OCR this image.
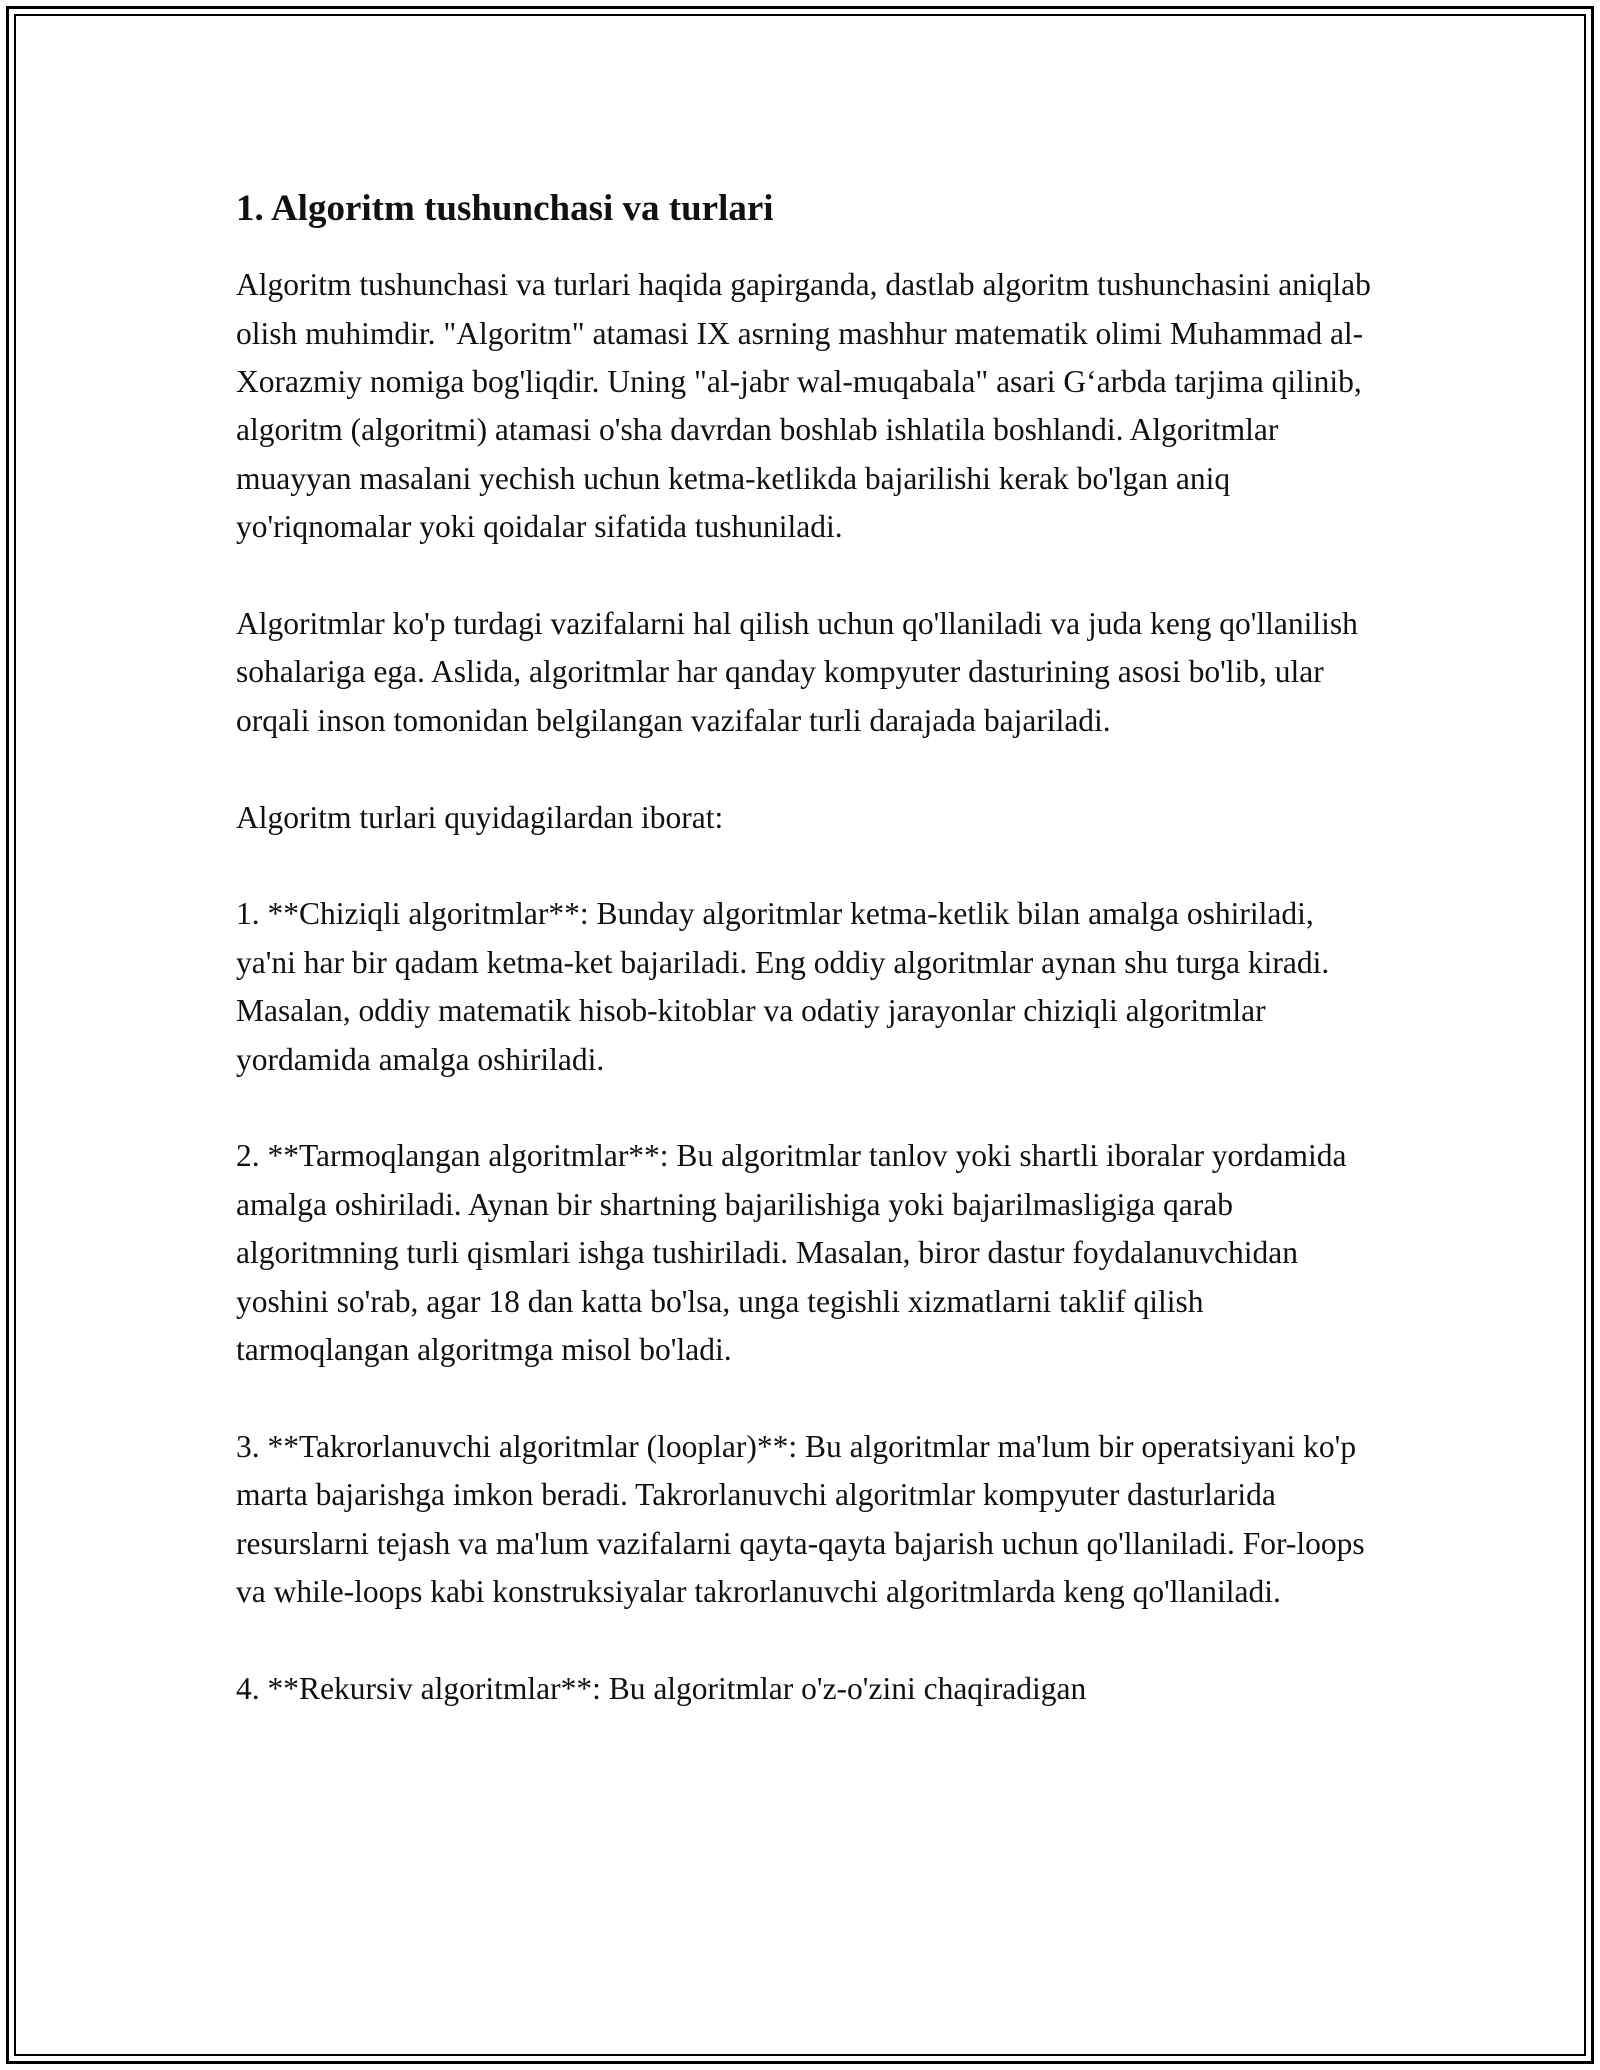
1. Algoritm tushunchasi va turlari

Algoritm tushunchasi va turlari haqida gapirganda, dastlab algoritm tushunchasini aniqlab olish muhimdir. "Algoritm" atamasi IX asrning mashhur matematik olimi Muhammad al-Xorazmiy nomiga bog'liqdir. Uning "al-jabr wal-muqabala" asari G‘arbda tarjima qilinib, algoritm (algoritmi) atamasi o'sha davrdan boshlab ishlatila boshlandi. Algoritmlar muayyan masalani yechish uchun ketma-ketlikda bajarilishi kerak bo'lgan aniq yo'riqnomalar yoki qoidalar sifatida tushuniladi.

Algoritmlar ko'p turdagi vazifalarni hal qilish uchun qo'llaniladi va juda keng qo'llanilish sohalariga ega. Aslida, algoritmlar har qanday kompyuter dasturining asosi bo'lib, ular orqali inson tomonidan belgilangan vazifalar turli darajada bajariladi.

Algoritm turlari quyidagilardan iborat:

1. **Chiziqli algoritmlar**: Bunday algoritmlar ketma-ketlik bilan amalga oshiriladi, ya'ni har bir qadam ketma-ket bajariladi. Eng oddiy algoritmlar aynan shu turga kiradi. Masalan, oddiy matematik hisob-kitoblar va odatiy jarayonlar chiziqli algoritmlar yordamida amalga oshiriladi.

2. **Tarmoqlangan algoritmlar**: Bu algoritmlar tanlov yoki shartli iboralar yordamida amalga oshiriladi. Aynan bir shartning bajarilishiga yoki bajarilmasligiga qarab algoritmning turli qismlari ishga tushiriladi. Masalan, biror dastur foydalanuvchidan yoshini so'rab, agar 18 dan katta bo'lsa, unga tegishli xizmatlarni taklif qilish tarmoqlangan algoritmga misol bo'ladi.

3. **Takrorlanuvchi algoritmlar (looplar)**: Bu algoritmlar ma'lum bir operatsiyani ko'p marta bajarishga imkon beradi. Takrorlanuvchi algoritmlar kompyuter dasturlarida resurslarni tejash va ma'lum vazifalarni qayta-qayta bajarish uchun qo'llaniladi. For-loops va while-loops kabi konstruksiyalar takrorlanuvchi algoritmlarda keng qo'llaniladi.

4. **Rekursiv algoritmlar**: Bu algoritmlar o'z-o'zini chaqiradigan
